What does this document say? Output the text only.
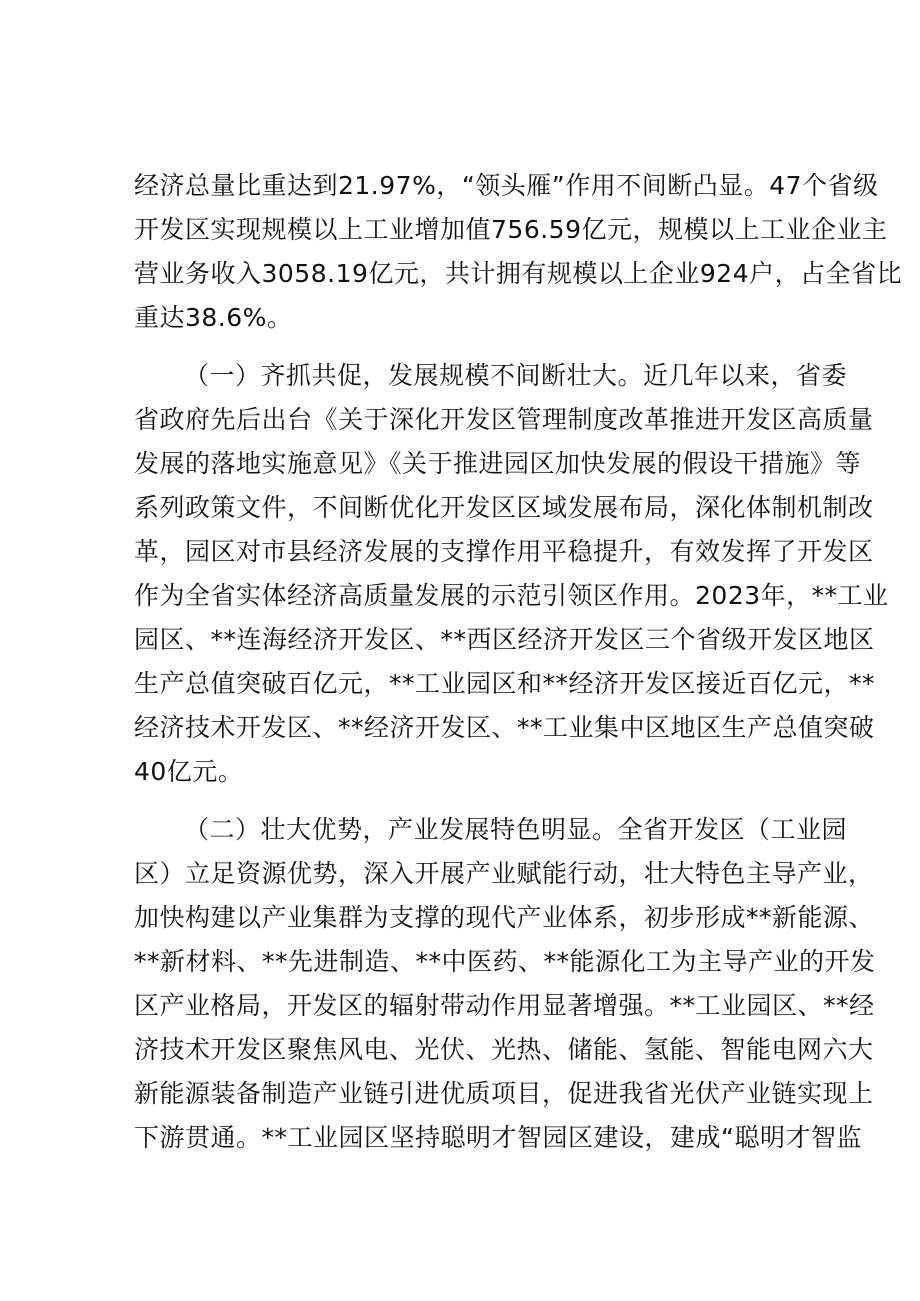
经济总量比重达到21.97%，“领头雁”作用不间断凸显。47个省级
开发区实现规模以上工业增加值756.59亿元，规模以上工业企业主
营业务收入3058.19亿元，共计拥有规模以上企业924户，占全省比
重达38.6%。
（一）齐抓共促，发展规模不间断壮大。近几年以来，省委
省政府先后出台《关于深化开发区管理制度改革推进开发区高质量
发展的落地实施意见》《关于推进园区加快发展的假设干措施》等
系列政策文件，不间断优化开发区区域发展布局，深化体制机制改
革，园区对市县经济发展的支撑作用平稳提升，有效发挥了开发区
作为全省实体经济高质量发展的示范引领区作用。2023年，**工业
园区、**连海经济开发区、**西区经济开发区三个省级开发区地区
生产总值突破百亿元，**工业园区和**经济开发区接近百亿元，**
经济技术开发区、**经济开发区、**工业集中区地区生产总值突破
40亿元。
（二）壮大优势，产业发展特色明显。全省开发区（工业园
区）立足资源优势，深入开展产业赋能行动，壮大特色主导产业，
加快构建以产业集群为支撑的现代产业体系，初步形成**新能源、
**新材料、**先进制造、**中医药、**能源化工为主导产业的开发
区产业格局，开发区的辐射带动作用显著增强。**工业园区、**经
济技术开发区聚焦风电、光伏、光热、储能、氢能、智能电网六大
新能源装备制造产业链引进优质项目，促进我省光伏产业链实现上
下游贯通。**工业园区坚持聪明才智园区建设，建成“聪明才智监
